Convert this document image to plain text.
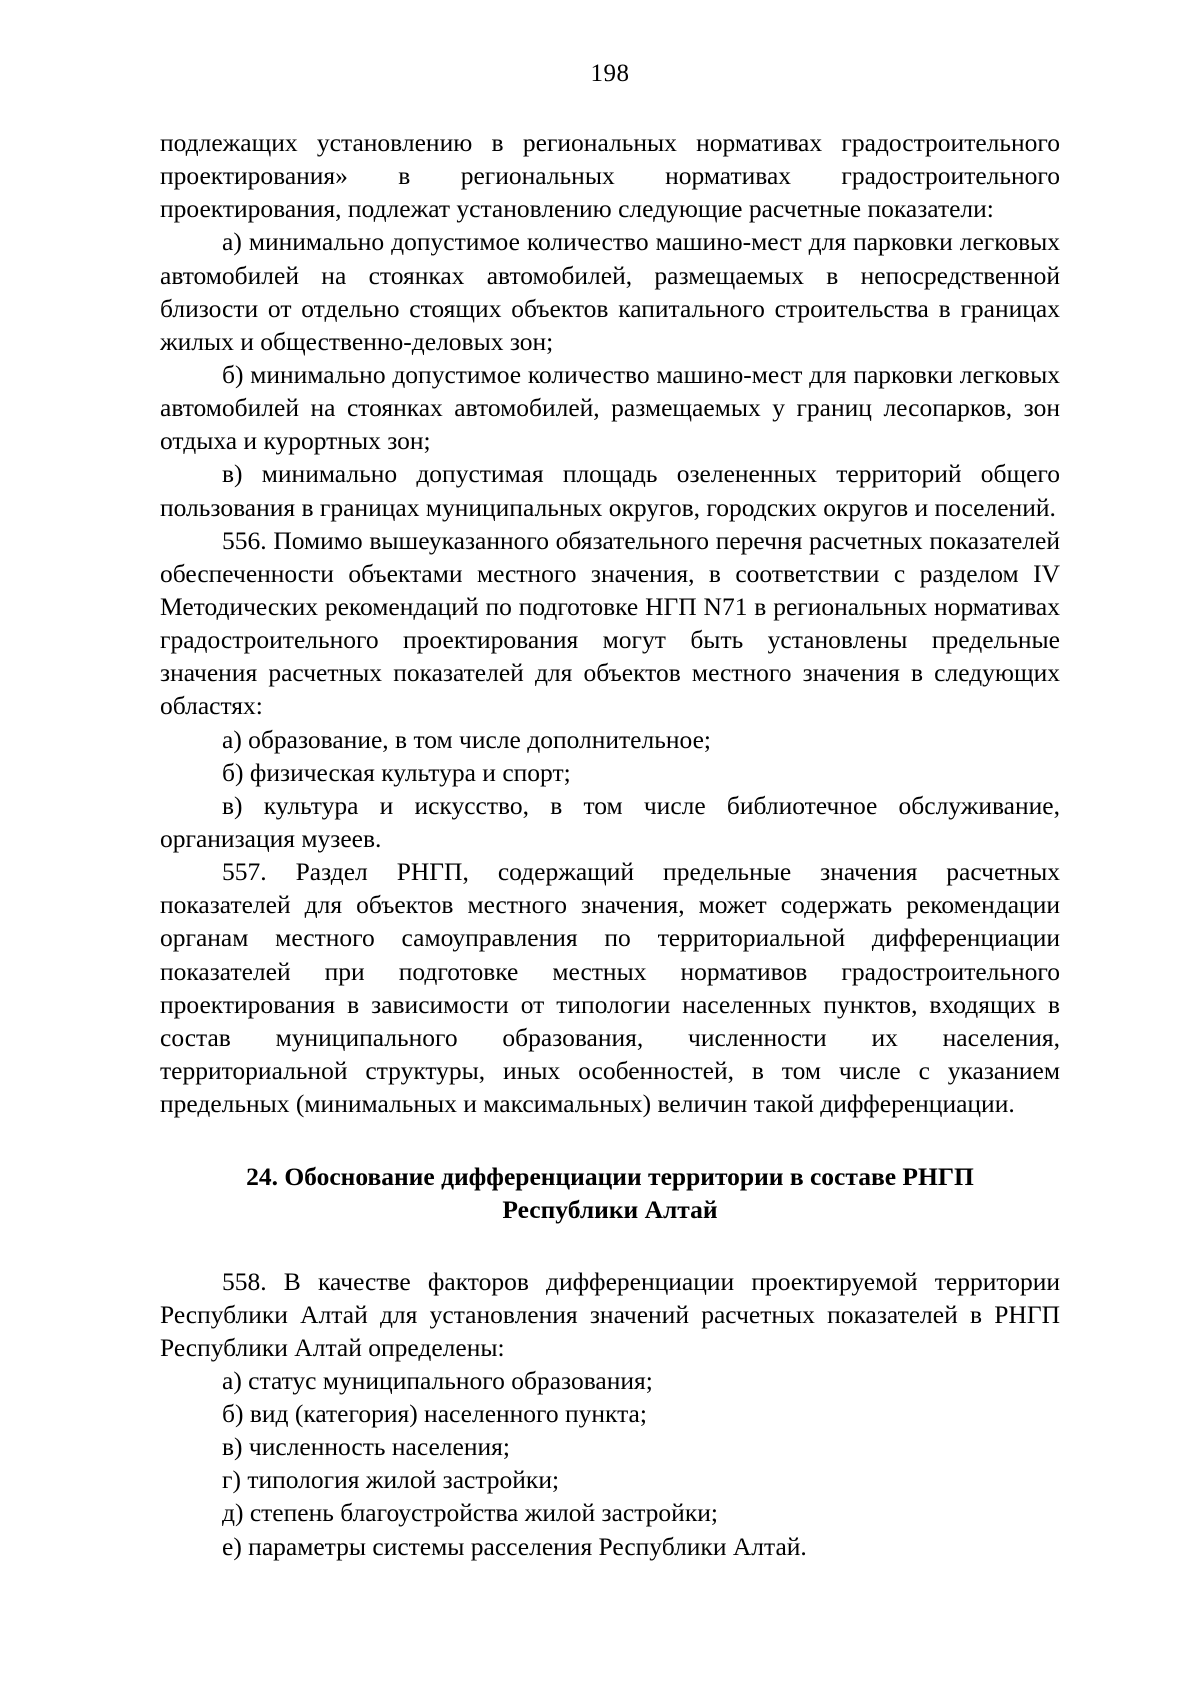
198

подлежащих установлению в региональных нормативах градостроительного проектирования» в региональных нормативах градостроительного проектирования, подлежат установлению следующие расчетные показатели:

а) минимально допустимое количество машино-мест для парковки легковых автомобилей на стоянках автомобилей, размещаемых в непосредственной близости от отдельно стоящих объектов капитального строительства в границах жилых и общественно-деловых зон;

б) минимально допустимое количество машино-мест для парковки легковых автомобилей на стоянках автомобилей, размещаемых у границ лесопарков, зон отдыха и курортных зон;

в) минимально допустимая площадь озелененных территорий общего пользования в границах муниципальных округов, городских округов и поселений.

556. Помимо вышеуказанного обязательного перечня расчетных показателей обеспеченности объектами местного значения, в соответствии с разделом IV Методических рекомендаций по подготовке НГП N71 в региональных нормативах градостроительного проектирования могут быть установлены предельные значения расчетных показателей для объектов местного значения в следующих областях:

а) образование, в том числе дополнительное;

б) физическая культура и спорт;

в) культура и искусство, в том числе библиотечное обслуживание, организация музеев.

557. Раздел РНГП, содержащий предельные значения расчетных показателей для объектов местного значения, может содержать рекомендации органам местного самоуправления по территориальной дифференциации показателей при подготовке местных нормативов градостроительного проектирования в зависимости от типологии населенных пунктов, входящих в состав муниципального образования, численности их населения, территориальной структуры, иных особенностей, в том числе с указанием предельных (минимальных и максимальных) величин такой дифференциации.

24. Обоснование дифференциации территории в составе РНГП Республики Алтай

558. В качестве факторов дифференциации проектируемой территории Республики Алтай для установления значений расчетных показателей в РНГП Республики Алтай определены:

а) статус муниципального образования;

б) вид (категория) населенного пункта;

в) численность населения;

г) типология жилой застройки;

д) степень благоустройства жилой застройки;

е) параметры системы расселения Республики Алтай.
